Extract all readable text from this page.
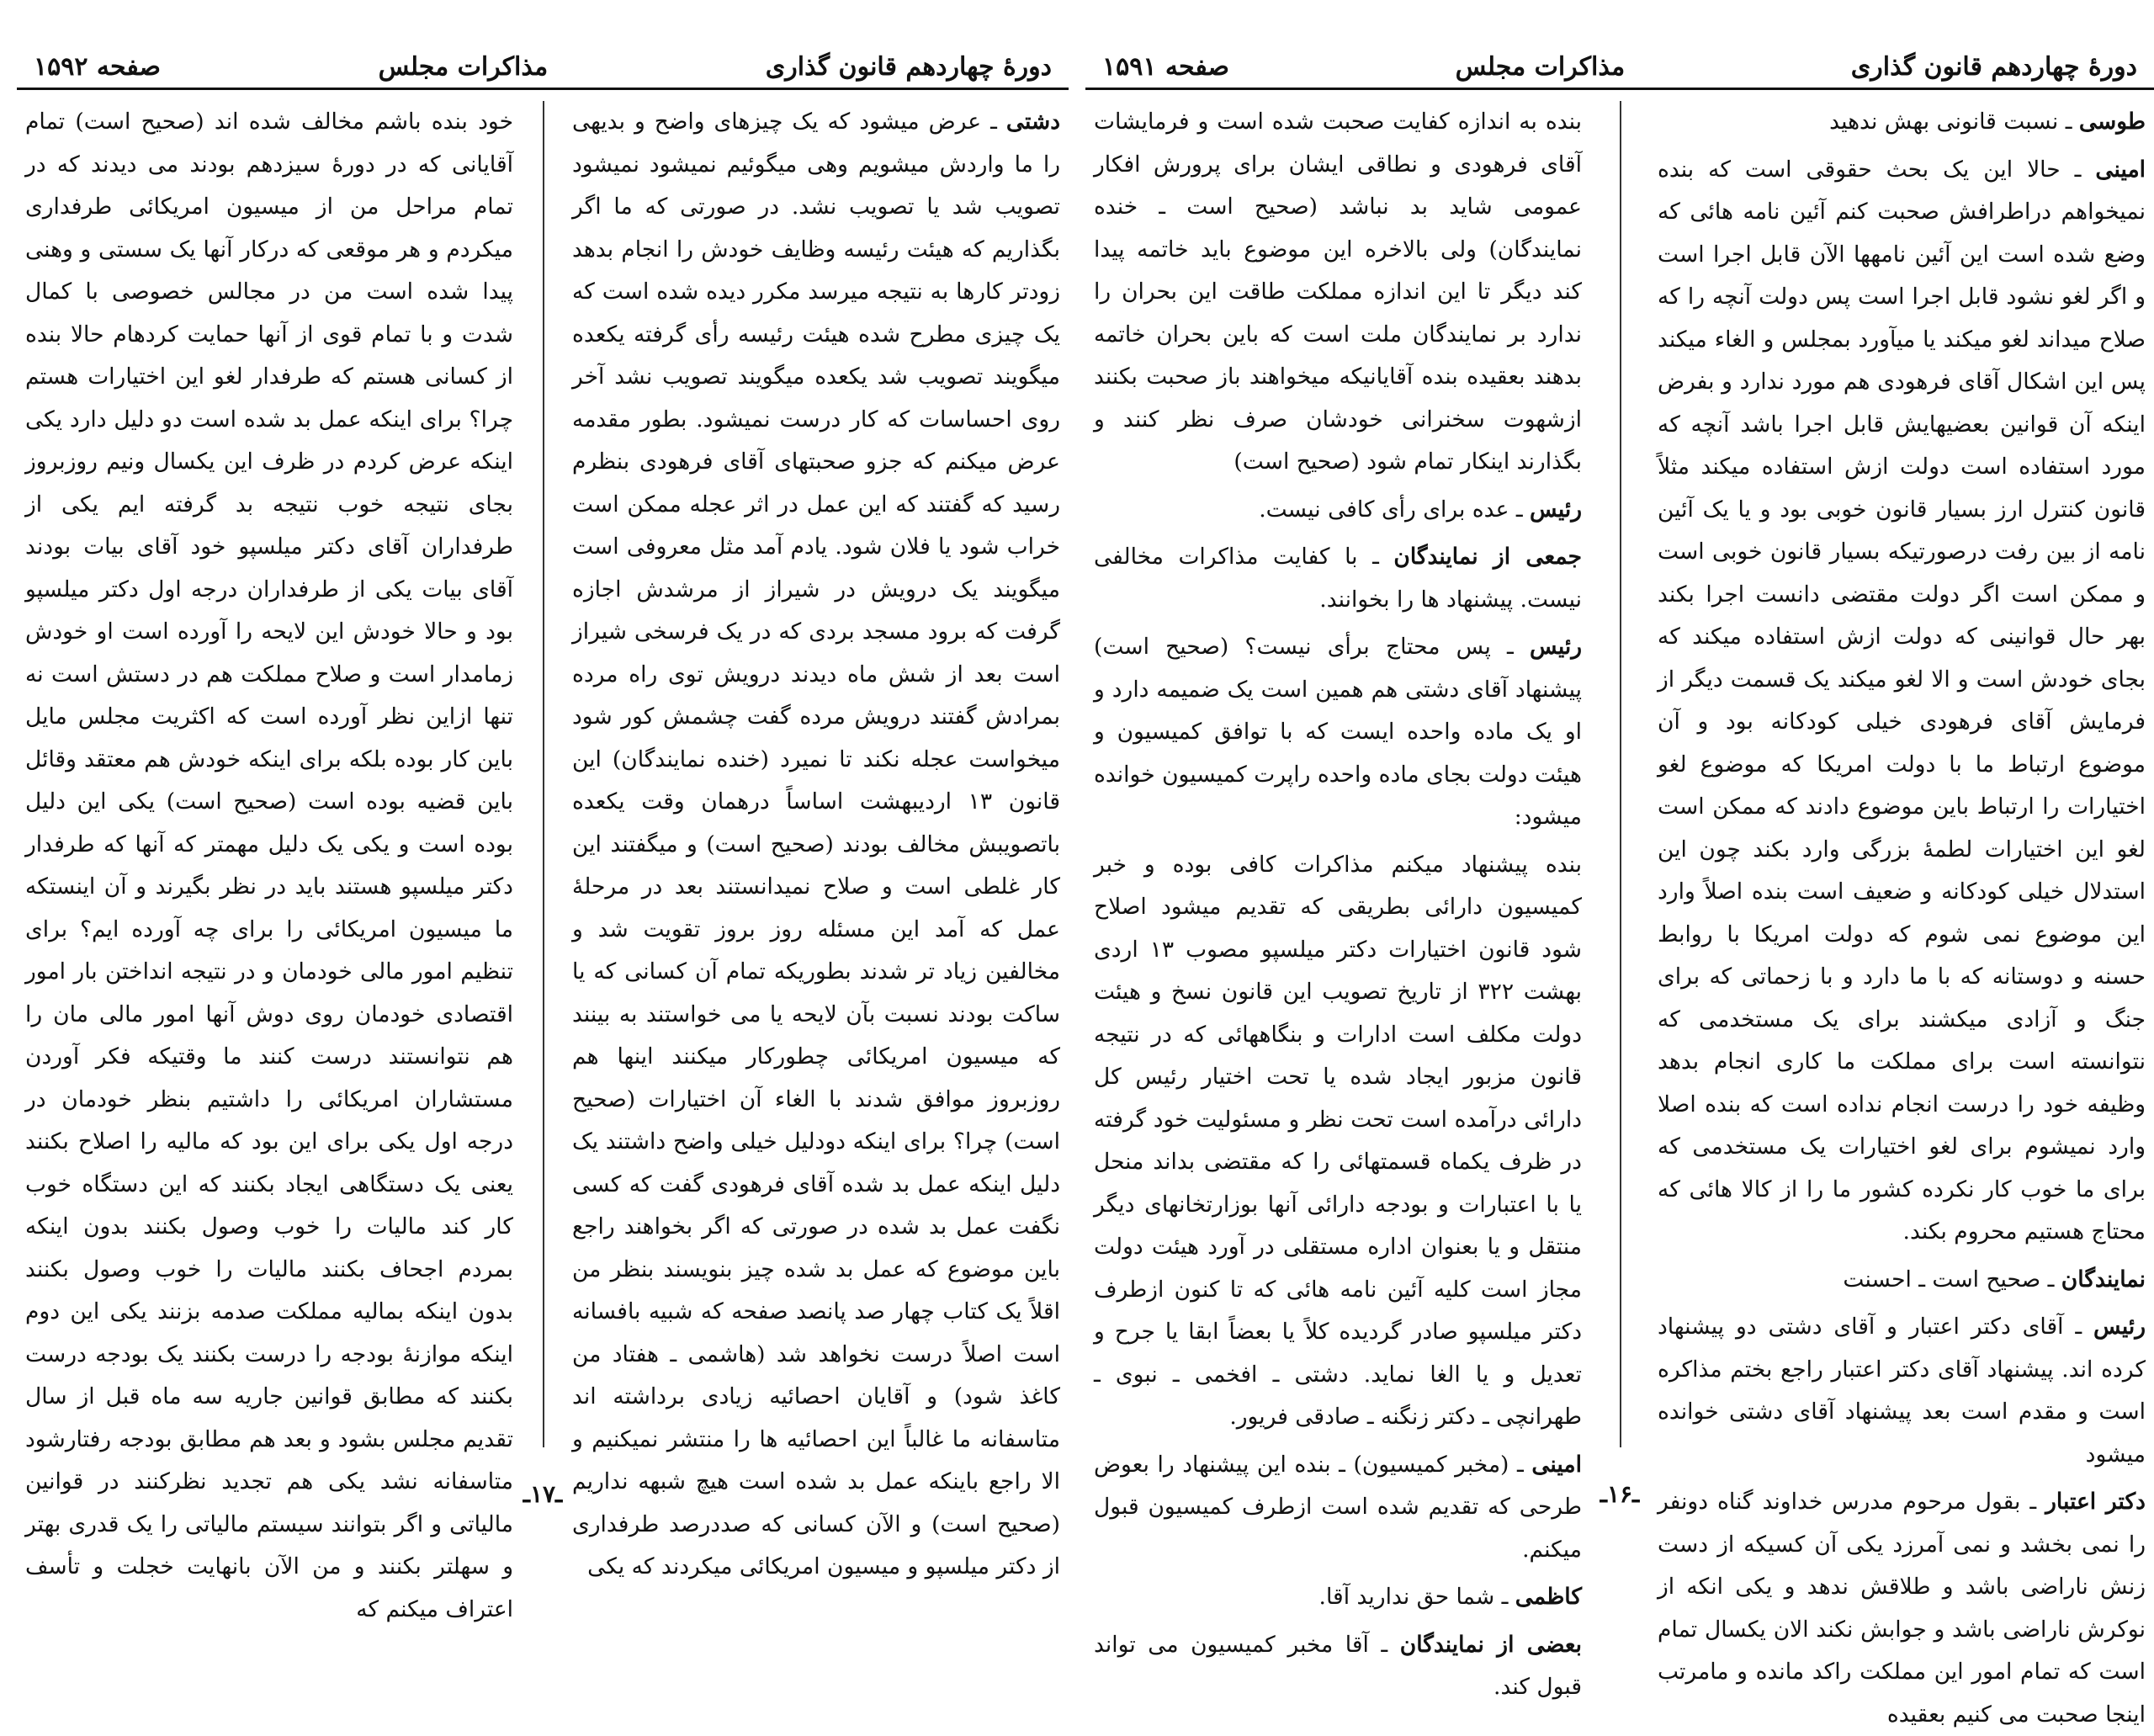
دورهٔ چهاردهم قانون گذاری
مذاکرات مجلس
صفحه ۱۵۹۱

طوسی ـ نسبت قانونی بهش ندهید

امینی ـ حالا این یک بحث حقوقی است که بنده نمیخواهم دراطرافش صحبت کنم آئین نامه هائی که وضع شده است این آئین نامهها الآن قابل اجرا است و اگر لغو نشود قابل اجرا است پس دولت آنچه را که صلاح میداند لغو میکند یا میآورد بمجلس و الغاء میکند پس این اشکال آقای فرهودی هم مورد ندارد و بفرض اینکه آن قوانین بعضیهایش قابل اجرا باشد آنچه که مورد استفاده است دولت ازش استفاده میکند مثلاً قانون کنترل ارز بسیار قانون خوبی بود و یا یک آئین نامه از بین رفت درصورتیکه بسیار قانون خوبی است و ممکن است اگر دولت مقتضی دانست اجرا بکند بهر حال قوانینی که دولت ازش استفاده میکند که بجای خودش است و الا لغو میکند یک قسمت دیگر از فرمایش آقای فرهودی خیلی کودکانه بود و آن موضوع ارتباط ما با دولت امریکا که موضوع لغو اختیارات را ارتباط باین موضوع دادند که ممکن است لغو این اختیارات لطمهٔ بزرگی وارد بکند چون این استدلال خیلی کودکانه و ضعیف است بنده اصلاً وارد این موضوع نمی شوم که دولت امریکا با روابط حسنه و دوستانه که با ما دارد و با زحماتی که برای جنگ و آزادی میکشند برای یک مستخدمی که نتوانسته است برای مملکت ما کاری انجام بدهد وظیفه خود را درست انجام نداده است که بنده اصلا وارد نمیشوم برای لغو اختیارات یک مستخدمی که برای ما خوب کار نکرده کشور ما را از کالا هائی که محتاج هستیم محروم بکند.

نمایندگان ـ صحیح است ـ احسنت

رئیس ـ آقای دکتر اعتبار و آقای دشتی دو پیشنهاد کرده اند. پیشنهاد آقای دکتر اعتبار راجع بختم مذاکره است و مقدم است بعد پیشنهاد آقای دشتی خوانده میشود

دکتر اعتبار ـ بقول مرحوم مدرس خداوند گناه دونفر را نمی بخشد و نمی آمرزد یکی آن کسیکه از دست زنش ناراضی باشد و طلاقش ندهد و یکی انکه از نوکرش ناراضی باشد و جوابش نکند الان یکسال تمام است که تمام امور این مملکت راکد مانده و مامرتب اینجا صحبت می کنیم بعقیده

بنده به اندازه کفایت صحبت شده است و فرمایشات آقای فرهودی و نطاقی ایشان برای پرورش افکار عمومی شاید بد نباشد (صحیح است ـ خنده نمایندگان) ولی بالاخره این موضوع باید خاتمه پیدا کند دیگر تا این اندازه مملکت طاقت این بحران را ندارد بر نمایندگان ملت است که باین بحران خاتمه بدهند بعقیده بنده آقایانیکه میخواهند باز صحبت بکنند ازشهوت سخنرانی خودشان صرف نظر کنند و بگذارند اینکار تمام شود (صحیح است)

رئیس ـ عده برای رأی کافی نیست.

جمعی از نمایندگان ـ با کفایت مذاکرات مخالفی نیست. پیشنهاد ها را بخوانند.

رئیس ـ پس محتاج برأی نیست؟ (صحیح است) پیشنهاد آقای دشتی هم همین است یک ضمیمه دارد و او یک ماده واحده ایست که با توافق کمیسیون و هیئت دولت بجای ماده واحده راپرت کمیسیون خوانده میشود:

بنده پیشنهاد میکنم مذاکرات کافی بوده و خبر کمیسیون دارائی بطریقی که تقدیم میشود اصلاح شود قانون اختیارات دکتر میلسپو مصوب ۱۳ اردی بهشت ۳۲۲ از تاریخ تصویب این قانون نسخ و هیئت دولت مکلف است ادارات و بنگاههائی که در نتیجه قانون مزبور ایجاد شده یا تحت اختیار رئیس کل دارائی درآمده است تحت نظر و مسئولیت خود گرفته در ظرف یکماه قسمتهائی را که مقتضی بداند منحل یا با اعتبارات و بودجه دارائی آنها بوزارتخانهای دیگر منتقل و یا بعنوان اداره مستقلی در آورد هیئت دولت مجاز است کلیه آئین نامه هائی که تا کنون ازطرف دکتر میلسپو صادر گردیده کلاً یا بعضاً ابقا یا جرح و تعدیل و یا الغا نماید. دشتی ـ افخمی ـ نبوی ـ طهرانچی ـ دکتر زنگنه ـ صادقی فریور.

امینی ـ (مخبر کمیسیون) ـ بنده این پیشنهاد را بعوض طرحی که تقدیم شده است ازطرف کمیسیون قبول میکنم.

کاظمی ـ شما حق ندارید آقا.

بعضی از نمایندگان ـ آقا مخبر کمیسیون می تواند قبول کند.

ـ۱۶ـ
دورهٔ چهاردهم قانون گذاری
مذاکرات مجلس
صفحه ۱۵۹۲

دشتی ـ عرض میشود که یک چیزهای واضح و بدیهی را ما واردش میشویم وهی میگوئیم نمیشود نمیشود تصویب شد یا تصویب نشد. در صورتی که ما اگر بگذاریم که هیئت رئیسه وظایف خودش را انجام بدهد زودتر کارها به نتیجه میرسد مکرر دیده شده است که یک چیزی مطرح شده هیئت رئیسه رأی گرفته یکعده میگویند تصویب شد یکعده میگویند تصویب نشد آخر روی احساسات که کار درست نمیشود. بطور مقدمه عرض میکنم که جزو صحبتهای آقای فرهودی بنظرم رسید که گفتند که این عمل در اثر عجله ممکن است خراب شود یا فلان شود. یادم آمد مثل معروفی است میگویند یک درویش در شیراز از مرشدش اجازه گرفت که برود مسجد بردی که در یک فرسخی شیراز است بعد از شش ماه دیدند درویش توی راه مرده بمرادش گفتند درویش مرده گفت چشمش کور شود میخواست عجله نکند تا نمیرد (خنده نمایندگان) این قانون ۱۳ اردیبهشت اساساً درهمان وقت یکعده باتصویبش مخالف بودند (صحیح است) و میگفتند این کار غلطی است و صلاح نمیدانستند بعد در مرحلهٔ عمل که آمد این مسئله روز بروز تقویت شد و مخالفین زیاد تر شدند بطوریکه تمام آن کسانی که یا ساکت بودند نسبت بآن لایحه یا می خواستند به بینند که میسیون امریکائی چطورکار میکنند اینها هم روزبروز موافق شدند با الغاء آن اختیارات (صحیح است) چرا؟ برای اینکه دودلیل خیلی واضح داشتند یک دلیل اینکه عمل بد شده آقای فرهودی گفت که کسی نگفت عمل بد شده در صورتی که اگر بخواهند راجع باین موضوع که عمل بد شده چیز بنویسند بنظر من اقلاً یک کتاب چهار صد پانصد صفحه که شبیه بافسانه است اصلاً درست نخواهد شد (هاشمی ـ هفتاد من کاغذ شود) و آقایان احصائیه زیادی برداشته اند متاسفانه ما غالباً این احصائیه ها را منتشر نمیکنیم و الا راجع باینکه عمل بد شده است هیچ شبهه نداریم (صحیح است) و الآن کسانی که صددرصد طرفداری از دکتر میلسپو و میسیون امریکائی میکردند که یکی

خود بنده باشم مخالف شده اند (صحیح است) تمام آقایانی که در دورهٔ سیزدهم بودند می دیدند که در تمام مراحل من از میسیون امریکائی طرفداری میکردم و هر موقعی که درکار آنها یک سستی و وهنی پیدا شده است من در مجالس خصوصی با کمال شدت و با تمام قوی از آنها حمایت کردهام حالا بنده از کسانی هستم که طرفدار لغو این اختیارات هستم چرا؟ برای اینکه عمل بد شده است دو دلیل دارد یکی اینکه عرض کردم در ظرف این یکسال ونیم روزبروز بجای نتیجه خوب نتیجه بد گرفته ایم یکی از طرفداران آقای دکتر میلسپو خود آقای بیات بودند آقای بیات یکی از طرفداران درجه اول دکتر میلسپو بود و حالا خودش این لایحه را آورده است او خودش زمامدار است و صلاح مملکت هم در دستش است نه تنها ازاین نظر آورده است که اکثریت مجلس مایل باین کار بوده بلکه برای اینکه خودش هم معتقد وقائل باین قضیه بوده است (صحیح است) یکی این دلیل بوده است و یکی یک دلیل مهمتر که آنها که طرفدار دکتر میلسپو هستند باید در نظر بگیرند و آن اینستکه ما میسیون امریکائی را برای چه آورده ایم؟ برای تنظیم امور مالی خودمان و در نتیجه انداختن بار امور اقتصادی خودمان روی دوش آنها امور مالی مان را هم نتوانستند درست کنند ما وقتیکه فکر آوردن مستشاران امریکائی را داشتیم بنظر خودمان در درجه اول یکی برای این بود که مالیه را اصلاح بکنند یعنی یک دستگاهی ایجاد بکنند که این دستگاه خوب کار کند مالیات را خوب وصول بکنند بدون اینکه بمردم اجحاف بکنند مالیات را خوب وصول بکنند بدون اینکه بمالیه مملکت صدمه بزنند یکی این دوم اینکه موازنهٔ بودجه را درست بکنند یک بودجه درست بکنند که مطابق قوانین جاریه سه ماه قبل از سال تقدیم مجلس بشود و بعد هم مطابق بودجه رفتارشود متاسفانه نشد یکی هم تجدید نظرکنند در قوانین مالیاتی و اگر بتوانند سیستم مالیاتی را یک قدری بهتر و سهلتر بکنند و من الآن بانهایت خجلت و تأسف اعتراف میکنم که

ـ۱۷ـ
